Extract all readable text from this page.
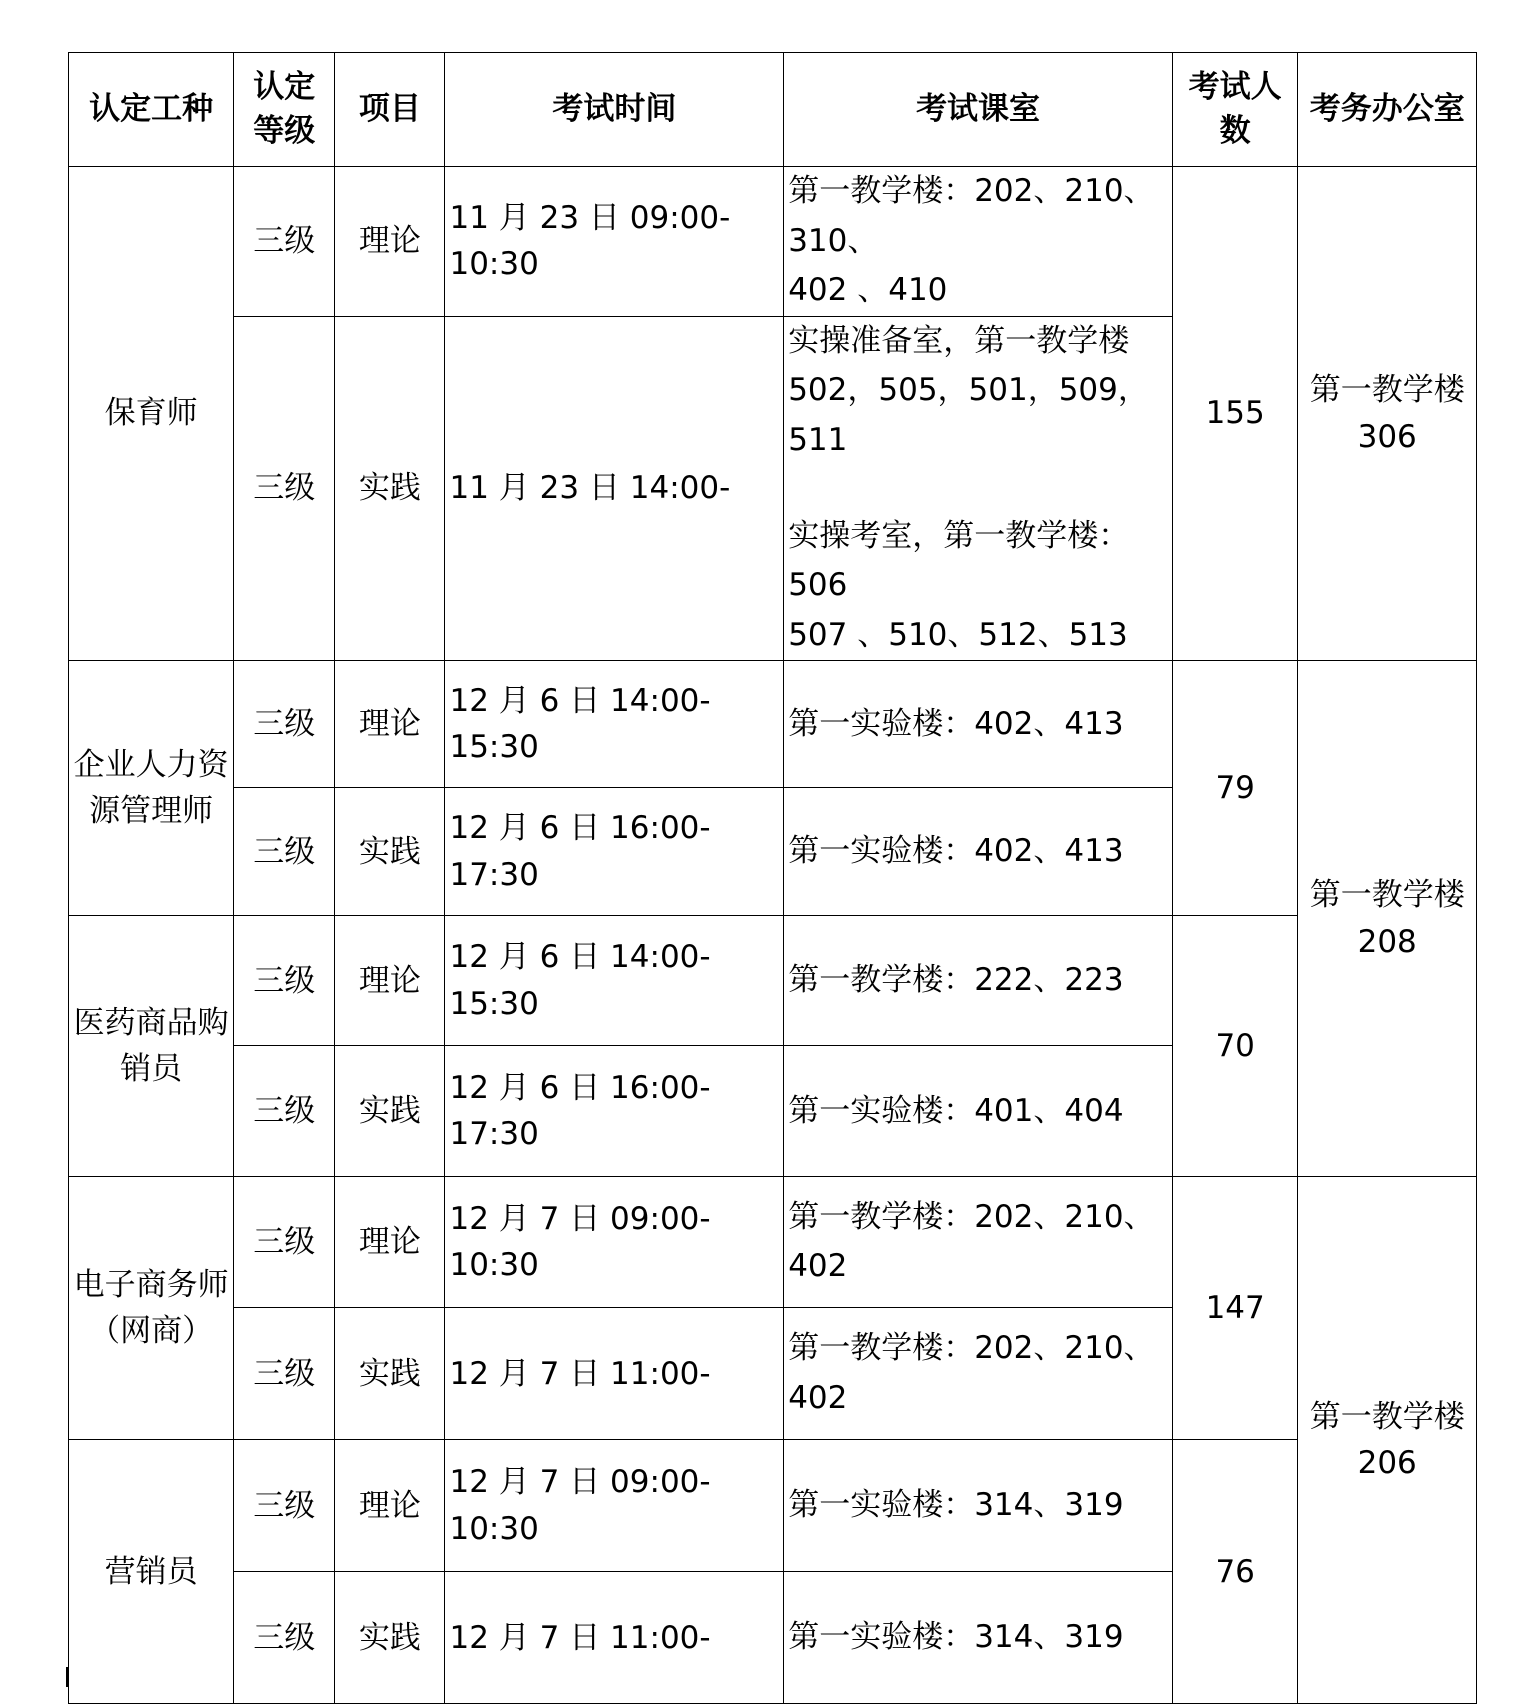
认定工种	认定等级	项目	考试时间	考试课室	考试人数	考务办公室
保育师	三级	理论	11 月 23 日 09:00-10:30	第一教学楼：202、210、310、
402 、410	155	第一教学楼
306

	三级	实践	11 月 23 日 14:00-	实操准备室，第一教学楼
502，505，501，509，511
实操考室，第一教学楼：506
507 、510、512、513		

企业人力资源管理师	三级	理论	12 月 6 日 14:00-15:30	第一实验楼：402、413	79	第一教学楼
208

	三级	实践	12 月 6 日 16:00-17:30	第一实验楼：402、413		

医药商品购销员	三级	理论	12 月 6 日 14:00-15:30	第一教学楼：222、223	70	
	三级	实践	12 月 6 日 16:00-17:30	第一实验楼：401、404		

电子商务师（网商）	三级	理论	12 月 7 日 09:00-10:30	第一教学楼：202、210、
402	147	第一教学楼
206

	三级	实践	12 月 7 日 11:00-	第一教学楼：202、210、
402		

营销员	三级	理论	12 月 7 日 09:00-10:30	第一实验楼：314、319	76	
	三级	实践	12 月 7 日 11:00-	第一实验楼：314、319		
